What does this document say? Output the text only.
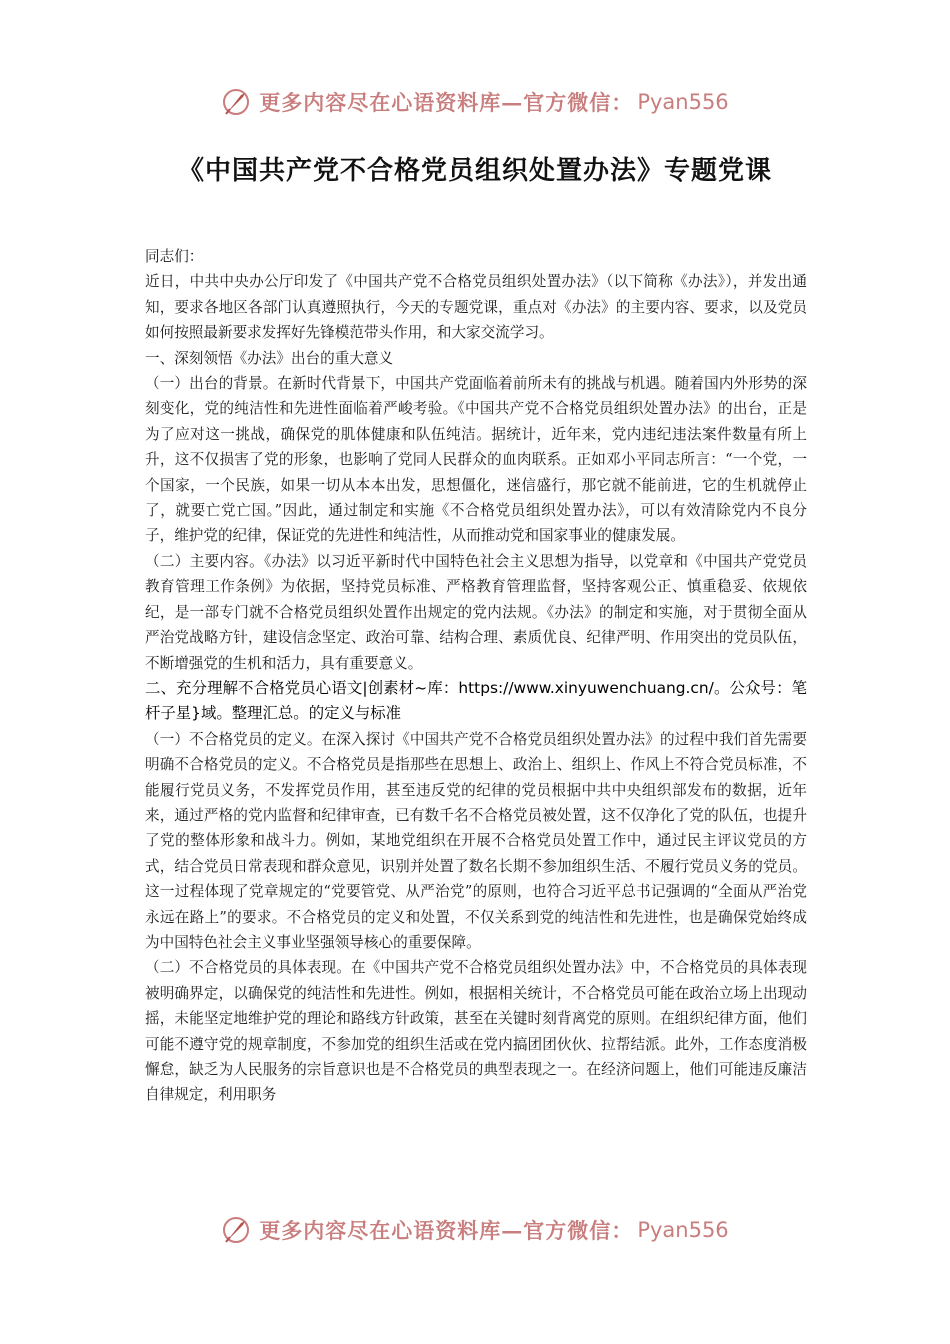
更多内容尽在心语资料库—官方微信： Pyan556
《中国共产党不合格党员组织处置办法》专题党课

同志们：

近日，中共中央办公厅印发了《中国共产党不合格党员组织处置办法》（以下简称《办法》），并发出通知，要求各地区各部门认真遵照执行，今天的专题党课，重点对《办法》的主要内容、要求，以及党员如何按照最新要求发挥好先锋模范带头作用，和大家交流学习。

一、深刻领悟《办法》出台的重大意义

（一）出台的背景。在新时代背景下，中国共产党面临着前所未有的挑战与机遇。随着国内外形势的深刻变化，党的纯洁性和先进性面临着严峻考验。《中国共产党不合格党员组织处置办法》的出台，正是为了应对这一挑战，确保党的肌体健康和队伍纯洁。据统计，近年来，党内违纪违法案件数量有所上升，这不仅损害了党的形象，也影响了党同人民群众的血肉联系。正如邓小平同志所言：“一个党，一个国家，一个民族，如果一切从本本出发，思想僵化，迷信盛行，那它就不能前进，它的生机就停止了，就要亡党亡国。”因此，通过制定和实施《不合格党员组织处置办法》，可以有效清除党内不良分子，维护党的纪律，保证党的先进性和纯洁性，从而推动党和国家事业的健康发展。

（二）主要内容。《办法》以习近平新时代中国特色社会主义思想为指导，以党章和《中国共产党党员教育管理工作条例》为依据，坚持党员标准、严格教育管理监督，坚持客观公正、慎重稳妥、依规依纪，是一部专门就不合格党员组织处置作出规定的党内法规。《办法》的制定和实施，对于贯彻全面从严治党战略方针，建设信念坚定、政治可靠、结构合理、素质优良、纪律严明、作用突出的党员队伍，不断增强党的生机和活力，具有重要意义。

二、充分理解不合格党员心语文|创素材~库：https://www.xinyuwenchuang.cn/。公众号：笔杆子星}域。整理汇总。的定义与标准

（一）不合格党员的定义。在深入探讨《中国共产党不合格党员组织处置办法》的过程中我们首先需要明确不合格党员的定义。不合格党员是指那些在思想上、政治上、组织上、作风上不符合党员标准，不能履行党员义务，不发挥党员作用，甚至违反党的纪律的党员根据中共中央组织部发布的数据，近年来，通过严格的党内监督和纪律审查，已有数千名不合格党员被处置，这不仅净化了党的队伍，也提升了党的整体形象和战斗力。例如，某地党组织在开展不合格党员处置工作中，通过民主评议党员的方式，结合党员日常表现和群众意见，识别并处置了数名长期不参加组织生活、不履行党员义务的党员。这一过程体现了党章规定的“党要管党、从严治党”的原则，也符合习近平总书记强调的“全面从严治党永远在路上”的要求。不合格党员的定义和处置，不仅关系到党的纯洁性和先进性，也是确保党始终成为中国特色社会主义事业坚强领导核心的重要保障。

（二）不合格党员的具体表现。在《中国共产党不合格党员组织处置办法》中，不合格党员的具体表现被明确界定，以确保党的纯洁性和先进性。例如，根据相关统计，不合格党员可能在政治立场上出现动摇，未能坚定地维护党的理论和路线方针政策，甚至在关键时刻背离党的原则。在组织纪律方面，他们可能不遵守党的规章制度，不参加党的组织生活或在党内搞团团伙伙、拉帮结派。此外，工作态度消极懈怠，缺乏为人民服务的宗旨意识也是不合格党员的典型表现之一。在经济问题上，他们可能违反廉洁自律规定，利用职务

更多内容尽在心语资料库—官方微信： Pyan556
